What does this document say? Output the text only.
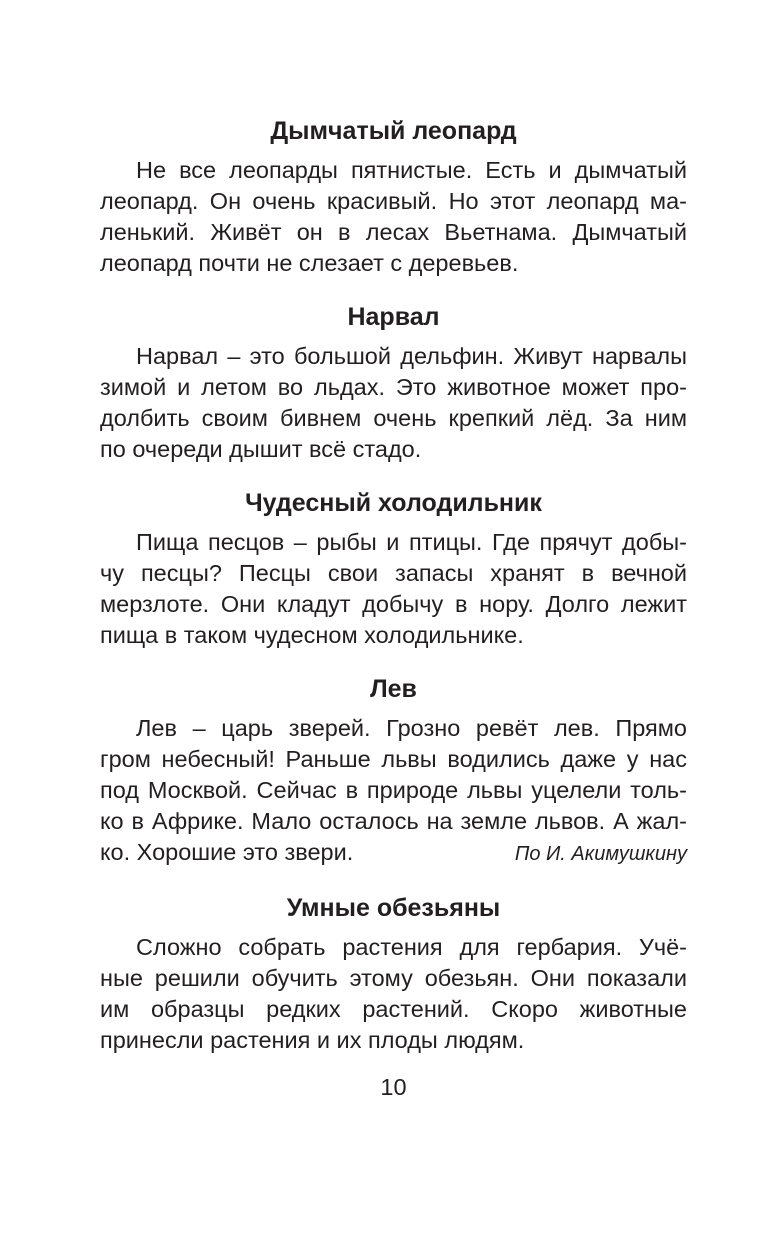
Дымчатый леопард

Не все леопарды пятнистые. Есть и дымчатый

леопард. Он очень красивый. Но этот леопард ма-

ленький. Живёт он в лесах Вьетнама. Дымчатый

леопард почти не слезает с деревьев.

Нарвал

Нарвал – это большой дельфин. Живут нарвалы

зимой и летом во льдах. Это животное может про-

долбить своим бивнем очень крепкий лёд. За ним

по очереди дышит всё стадо.

Чудесный холодильник

Пища песцов – рыбы и птицы. Где прячут добы-

чу песцы? Песцы свои запасы хранят в вечной

мерзлоте. Они кладут добычу в нору. Долго лежит

пища в таком чудесном холодильнике.

Лев

Лев – царь зверей. Грозно ревёт лев. Прямо

гром небесный! Раньше львы водились даже у нас

под Москвой. Сейчас в природе львы уцелели толь-

ко в Африке. Мало осталось на земле львов. А жал-

ко. Хорошие это звери.	По И. Акимушкину
Умные обезьяны

Сложно собрать растения для гербария. Учё-

ные решили обучить этому обезьян. Они показали

им образцы редких растений. Скоро животные

принесли растения и их плоды людям.

10
